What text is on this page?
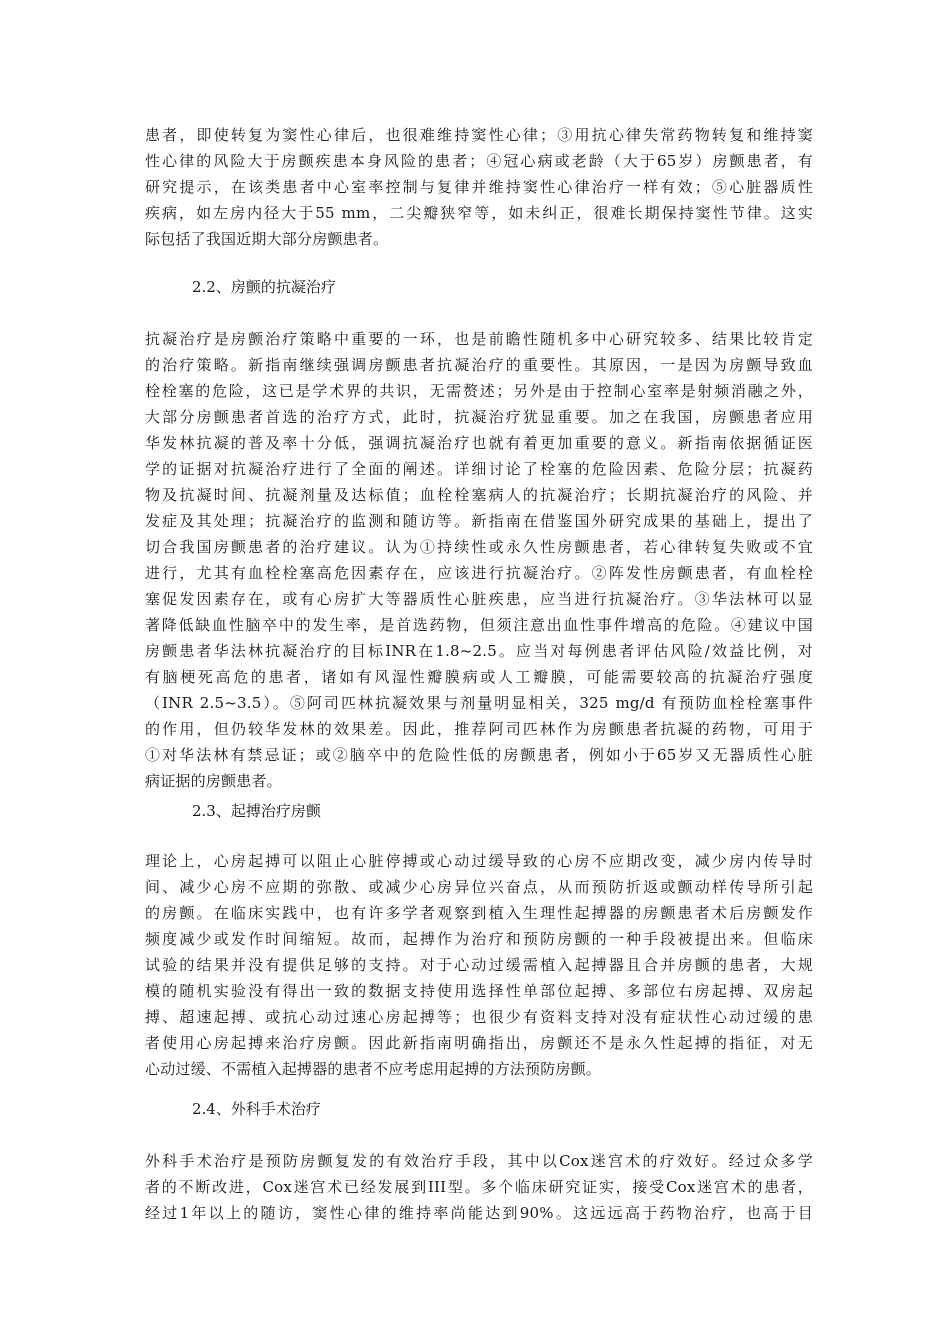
患者，即使转复为窦性心律后，也很难维持窦性心律；③用抗心律失常药物转复和维持窦
性心律的风险大于房颤疾患本身风险的患者；④冠心病或老龄（大于65岁）房颤患者，有
研究提示，在该类患者中心室率控制与复律并维持窦性心律治疗一样有效；⑤心脏器质性
疾病，如左房内径大于55 mm，二尖瓣狭窄等，如未纠正，很难长期保持窦性节律。这实
际包括了我国近期大部分房颤患者。
2.2、房颤的抗凝治疗
抗凝治疗是房颤治疗策略中重要的一环，也是前瞻性随机多中心研究较多、结果比较肯定
的治疗策略。新指南继续强调房颤患者抗凝治疗的重要性。其原因，一是因为房颤导致血
栓栓塞的危险，这已是学术界的共识，无需赘述；另外是由于控制心室率是射频消融之外，
大部分房颤患者首选的治疗方式，此时，抗凝治疗犹显重要。加之在我国，房颤患者应用
华发林抗凝的普及率十分低，强调抗凝治疗也就有着更加重要的意义。新指南依据循证医
学的证据对抗凝治疗进行了全面的阐述。详细讨论了栓塞的危险因素、危险分层；抗凝药
物及抗凝时间、抗凝剂量及达标值；血栓栓塞病人的抗凝治疗；长期抗凝治疗的风险、并
发症及其处理；抗凝治疗的监测和随访等。新指南在借鉴国外研究成果的基础上，提出了
切合我国房颤患者的治疗建议。认为①持续性或永久性房颤患者，若心律转复失败或不宜
进行，尤其有血栓栓塞高危因素存在，应该进行抗凝治疗。②阵发性房颤患者，有血栓栓
塞促发因素存在，或有心房扩大等器质性心脏疾患，应当进行抗凝治疗。③华法林可以显
著降低缺血性脑卒中的发生率，是首选药物，但须注意出血性事件增高的危险。④建议中国
房颤患者华法林抗凝治疗的目标INR在1.8~2.5。应当对每例患者评估风险/效益比例，对
有脑梗死高危的患者，诸如有风湿性瓣膜病或人工瓣膜，可能需要较高的抗凝治疗强度
（INR 2.5~3.5）。⑤阿司匹林抗凝效果与剂量明显相关，325 mg/d 有预防血栓栓塞事件
的作用，但仍较华发林的效果差。因此，推荐阿司匹林作为房颤患者抗凝的药物，可用于
①对华法林有禁忌证；或②脑卒中的危险性低的房颤患者，例如小于65岁又无器质性心脏
病证据的房颤患者。
2.3、起搏治疗房颤
理论上，心房起搏可以阻止心脏停搏或心动过缓导致的心房不应期改变，减少房内传导时
间、减少心房不应期的弥散、或减少心房异位兴奋点，从而预防折返或颤动样传导所引起
的房颤。在临床实践中，也有许多学者观察到植入生理性起搏器的房颤患者术后房颤发作
频度减少或发作时间缩短。故而，起搏作为治疗和预防房颤的一种手段被提出来。但临床
试验的结果并没有提供足够的支持。对于心动过缓需植入起搏器且合并房颤的患者，大规
模的随机实验没有得出一致的数据支持使用选择性单部位起搏、多部位右房起搏、双房起
搏、超速起搏、或抗心动过速心房起搏等；也很少有资料支持对没有症状性心动过缓的患
者使用心房起搏来治疗房颤。因此新指南明确指出，房颤还不是永久性起搏的指征，对无
心动过缓、不需植入起搏器的患者不应考虑用起搏的方法预防房颤。
2.4、外科手术治疗
外科手术治疗是预防房颤复发的有效治疗手段，其中以Cox迷宫术的疗效好。经过众多学
者的不断改进，Cox迷宫术已经发展到III型。多个临床研究证实，接受Cox迷宫术的患者，
经过1年以上的随访，窦性心律的维持率尚能达到90%。这远远高于药物治疗，也高于目
